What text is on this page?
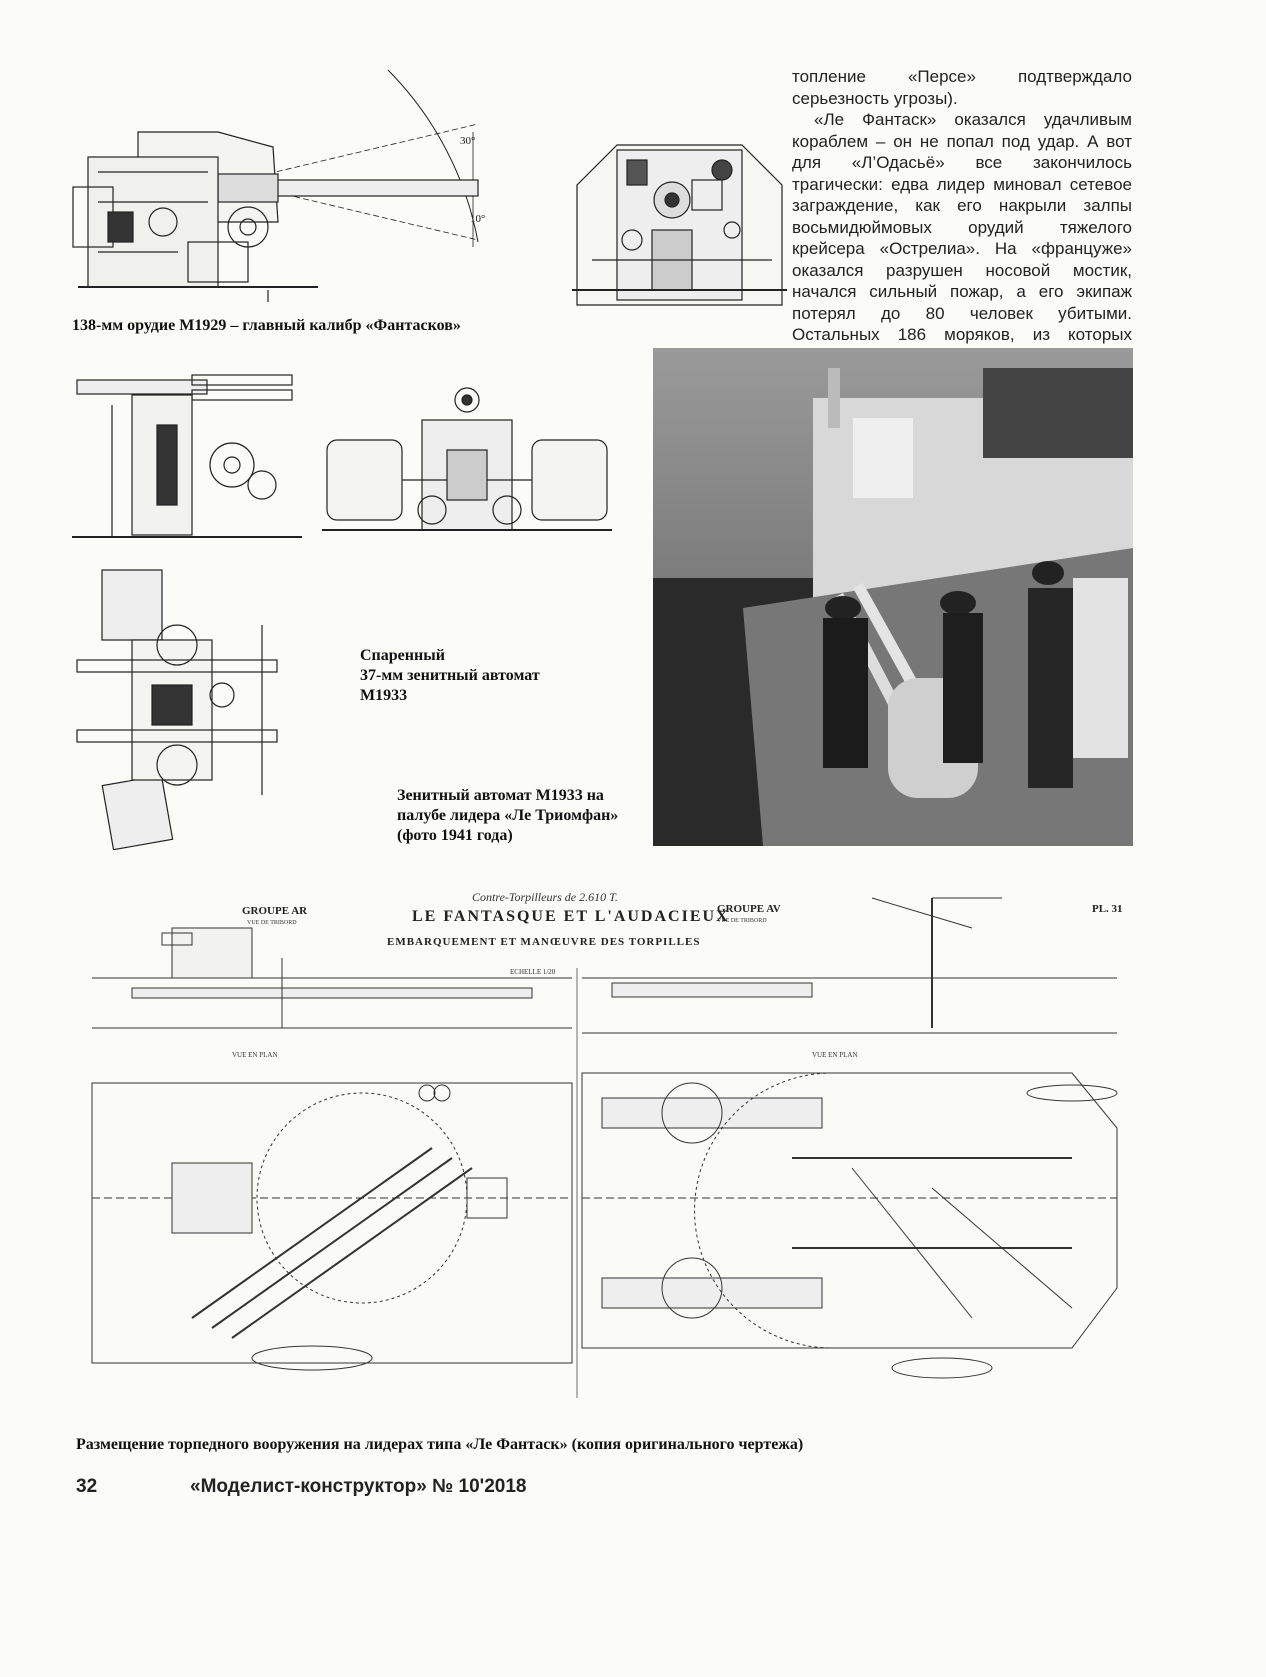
30°
10°
138-мм орудие М1929 – главный калибр «Фантасков»

топление «Персе» подтверждало серьезность угрозы).

«Ле Фантаск» оказался удачливым кораблем – он не попал под удар. А вот для «Л’Одасьё» все закончилось трагически: едва лидер миновал сетевое заграждение, как его накрыли залпы восьмидюймовых орудий тяжелого крейсера «Острелиа». На «француже» оказался разрушен носовой мостик, начался сильный пожар, а его экипаж потерял до 80 человек убитыми. Остальных 186 моряков, из которых

Спаренный
37-мм зенитный автомат
М1933
Зенитный автомат М1933 на
палубе лидера «Ле Триомфан»
(фото 1941 года)
Contre-Torpilleurs de 2.610 T.
LE FANTASQUE ET L'AUDACIEUX
EMBARQUEMENT ET MANŒUVRE DES TORPILLES
GROUPE AR
VUE DE TRIBORD
GROUPE AV
VUE DE TRIBORD
PL. 31
ECHELLE 1/20
VUE EN PLAN	VUE EN PLAN
Размещение торпедного вооружения на лидерах типа «Ле Фантаск» (копия оригинального чертежа)
32	«Моделист-конструктор» № 10'2018
